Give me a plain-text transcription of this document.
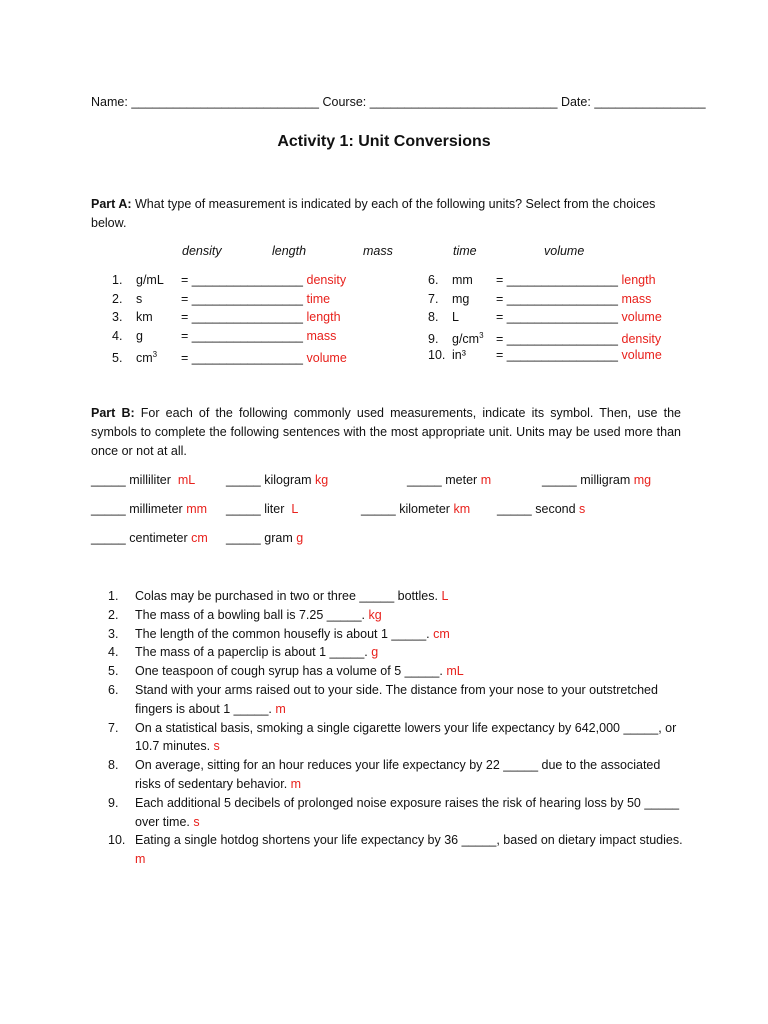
Name: ___________________________ Course: ___________________________ Date: ________________
Activity 1: Unit Conversions
Part A: What type of measurement is indicated by each of the following units? Select from the choices below.
density	length	mass	time	volume
1. g/mL = ________________ density
2. s	= ________________ time
3. km = ________________ length
4. g	= ________________ mass
5. $cm^3$ = ________________ volume
6. mm = ________________ length
7. mg = ________________ mass
8. L	= ________________ volume
9. $g/cm^3$ = ________________ density
10. in³ = ________________ volume
Part B: For each of the following commonly used measurements, indicate its symbol. Then, use the symbols to complete the following sentences with the most appropriate unit. Units may be used more than once or not at all.
_____ milliliter mL _____ kilogram kg	_____ meter m	_____ milligram mg
_____ millimeter mm _____ liter L	_____ kilometer km _____ second s
_____ centimeter cm _____ gram g
1.	Colas may be purchased in two or three _____ bottles. L
2.	The mass of a bowling ball is 7.25 _____. kg
3.	The length of the common housefly is about 1 _____. cm
4.	The mass of a paperclip is about 1 _____. g
5.	One teaspoon of cough syrup has a volume of 5 _____. mL
6.	Stand with your arms raised out to your side. The distance from your nose to your outstretched fingers is about 1 _____. m
7.	On a statistical basis, smoking a single cigarette lowers your life expectancy by 642,000 _____, or 10.7 minutes. s
8.	On average, sitting for an hour reduces your life expectancy by 22 _____ due to the associated risks of sedentary behavior. m
9.	Each additional 5 decibels of prolonged noise exposure raises the risk of hearing loss by 50 _____ over time. s
10. Eating a single hotdog shortens your life expectancy by 36 _____, based on dietary impact studies. m
